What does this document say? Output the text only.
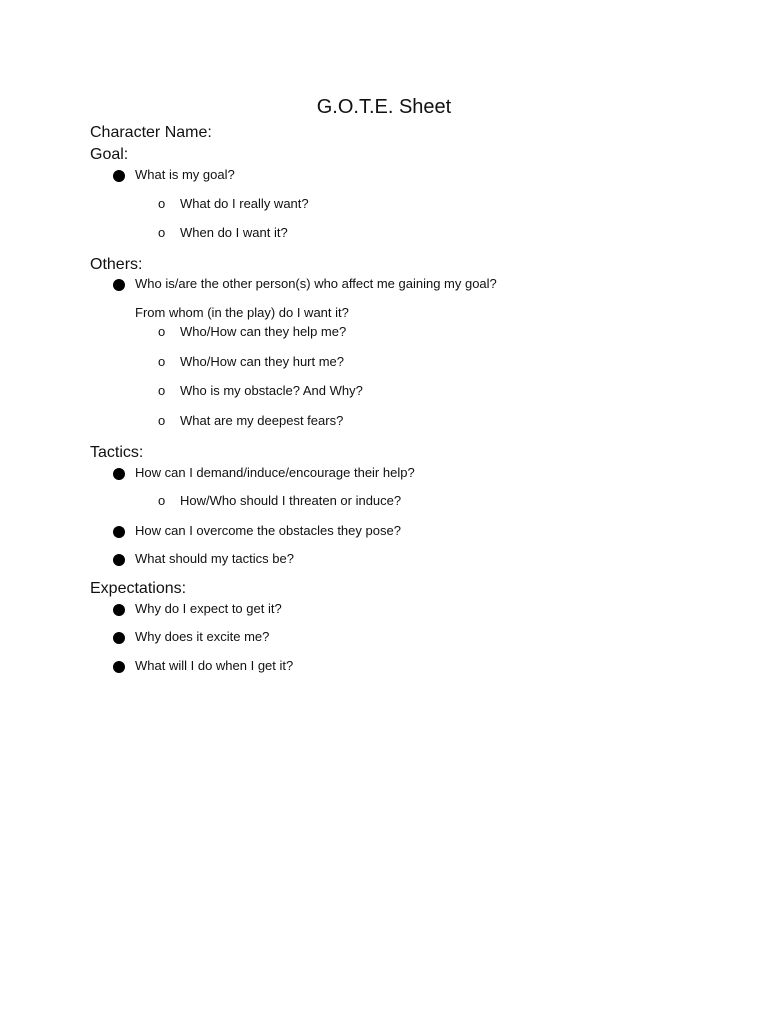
G.O.T.E. Sheet
Character Name:
Goal:
What is my goal?
o What do I really want?
o When do I want it?
Others:
Who is/are the other person(s) who affect me gaining my goal?
From whom (in the play) do I want it?
o Who/How can they help me?
o Who/How can they hurt me?
o Who is my obstacle? And Why?
o What are my deepest fears?
Tactics:
How can I demand/induce/encourage their help?
o How/Who should I threaten or induce?
How can I overcome the obstacles they pose?
What should my tactics be?
Expectations:
Why do I expect to get it?
Why does it excite me?
What will I do when I get it?
